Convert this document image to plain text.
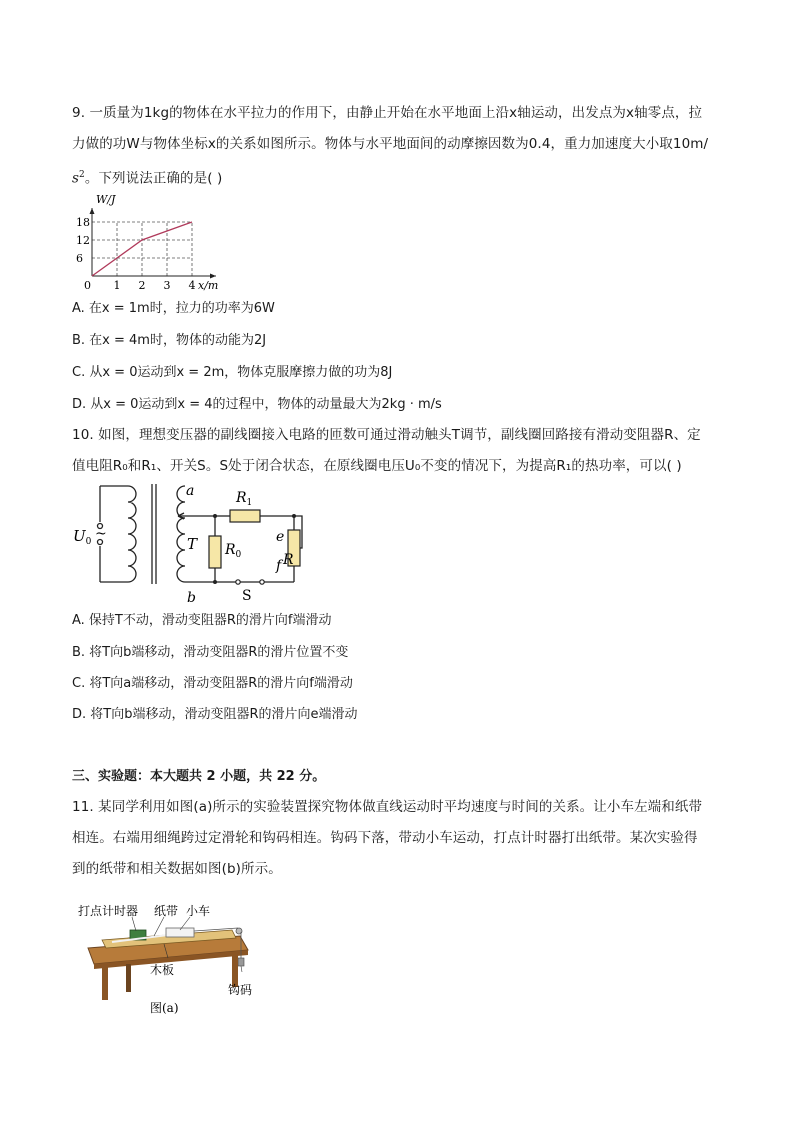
9. 一质量为1kg的物体在水平拉力的作用下，由静止开始在水平地面上沿x轴运动，出发点为x轴零点，拉
力做的功W与物体坐标x的关系如图所示。物体与水平地面间的动摩擦因数为0.4，重力加速度大小取10m/
$s^2$。下列说法正确的是( )
0 1 2 3 4
6
12
18
W/J
x/m
A. 在x = 1m时，拉力的功率为6W
B. 在x = 4m时，物体的动能为2J
C. 从x = 0运动到x = 2m，物体克服摩擦力做的功为8J
D. 从x = 0运动到x = 4的过程中，物体的动量最大为2kg · m/s
10. 如图，理想变压器的副线圈接入电路的匝数可通过滑动触头T调节，副线圈回路接有滑动变阻器R、定
值电阻R₀和R₁、开关S。S处于闭合状态，在原线圈电压U₀不变的情况下，为提高R₁的热功率，可以( )
$U_0$ ~
a
b
T $R_0$
$R_1$
e
f R
S
A. 保持T不动，滑动变阻器R的滑片向f端滑动
B. 将T向b端移动，滑动变阻器R的滑片位置不变
C. 将T向a端移动，滑动变阻器R的滑片向f端滑动
D. 将T向b端移动，滑动变阻器R的滑片向e端滑动
三、实验题：本大题共 2 小题，共 22 分。
11. 某同学利用如图(a)所示的实验装置探究物体做直线运动时平均速度与时间的关系。让小车左端和纸带
相连。右端用细绳跨过定滑轮和钩码相连。钩码下落，带动小车运动，打点计时器打出纸带。某次实验得
到的纸带和相关数据如图(b)所示。
打点计时器 纸带 小车
木板
钩码
图(a)
